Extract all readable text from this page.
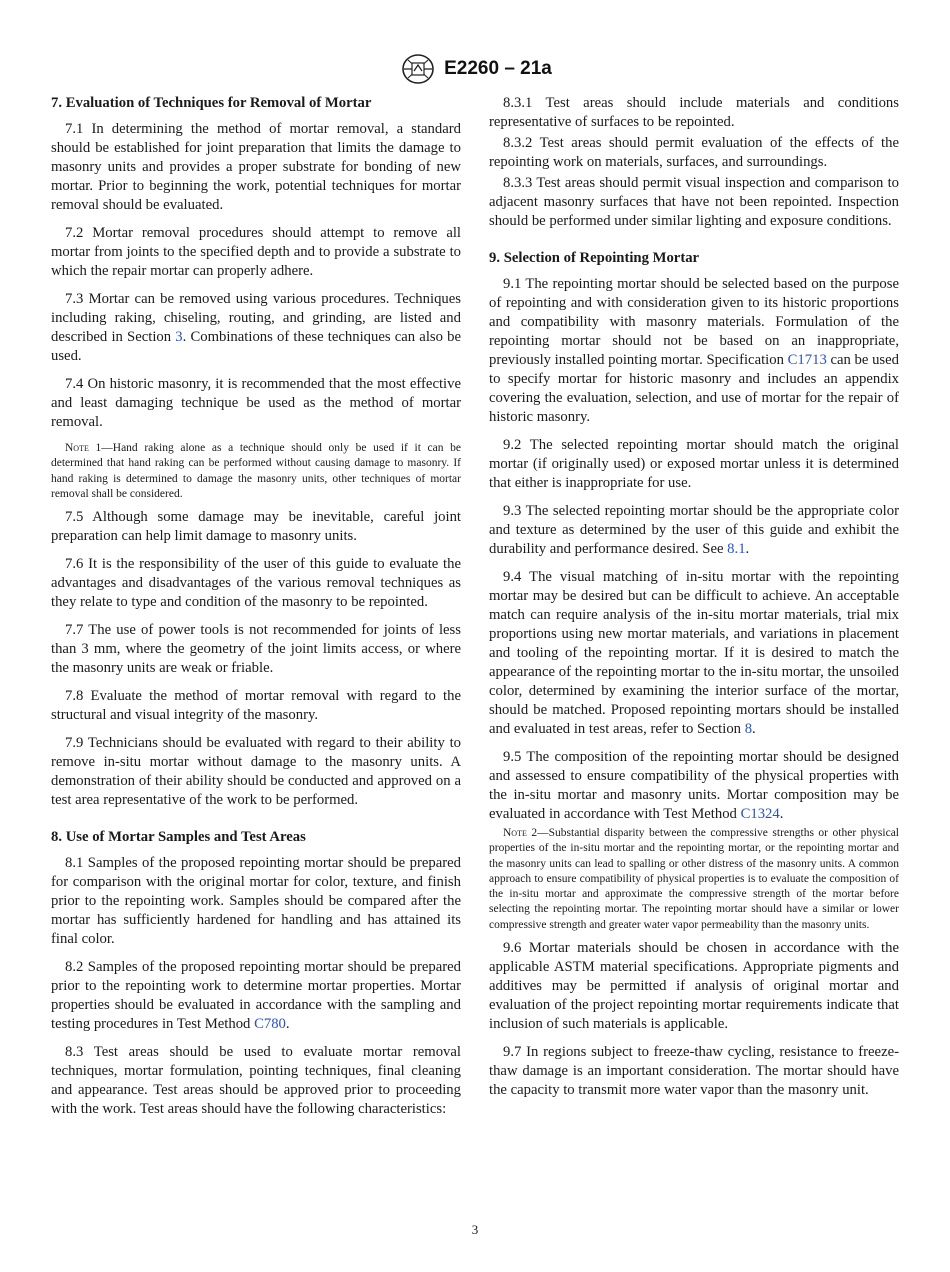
E2260 – 21a
7. Evaluation of Techniques for Removal of Mortar

7.1 In determining the method of mortar removal, a standard should be established for joint preparation that limits the damage to masonry units and provides a proper substrate for bonding of new mortar. Prior to beginning the work, potential techniques for mortar removal should be evaluated.

7.2 Mortar removal procedures should attempt to remove all mortar from joints to the specified depth and to provide a substrate to which the repair mortar can properly adhere.

7.3 Mortar can be removed using various procedures. Techniques including raking, chiseling, routing, and grinding, are listed and described in Section 3. Combinations of these techniques can also be used.

7.4 On historic masonry, it is recommended that the most effective and least damaging technique be used as the method of mortar removal.

Note 1—Hand raking alone as a technique should only be used if it can be determined that hand raking can be performed without causing damage to masonry. If hand raking is determined to damage the masonry units, other techniques of mortar removal shall be considered.

7.5 Although some damage may be inevitable, careful joint preparation can help limit damage to masonry units.

7.6 It is the responsibility of the user of this guide to evaluate the advantages and disadvantages of the various removal techniques as they relate to type and condition of the masonry to be repointed.

7.7 The use of power tools is not recommended for joints of less than 3 mm, where the geometry of the joint limits access, or where the masonry units are weak or friable.

7.8 Evaluate the method of mortar removal with regard to the structural and visual integrity of the masonry.

7.9 Technicians should be evaluated with regard to their ability to remove in-situ mortar without damage to the masonry units. A demonstration of their ability should be conducted and approved on a test area representative of the work to be performed.

8. Use of Mortar Samples and Test Areas

8.1 Samples of the proposed repointing mortar should be prepared for comparison with the original mortar for color, texture, and finish prior to the repointing work. Samples should be compared after the mortar has sufficiently hardened for handling and has attained its final color.

8.2 Samples of the proposed repointing mortar should be prepared prior to the repointing work to determine mortar properties. Mortar properties should be evaluated in accordance with the sampling and testing procedures in Test Method C780.

8.3 Test areas should be used to evaluate mortar removal techniques, mortar formulation, pointing techniques, final cleaning and appearance. Test areas should be approved prior to proceeding with the work. Test areas should have the following characteristics:

8.3.1 Test areas should include materials and conditions representative of surfaces to be repointed.

8.3.2 Test areas should permit evaluation of the effects of the repointing work on materials, surfaces, and surroundings.

8.3.3 Test areas should permit visual inspection and comparison to adjacent masonry surfaces that have not been repointed. Inspection should be performed under similar lighting and exposure conditions.

9. Selection of Repointing Mortar

9.1 The repointing mortar should be selected based on the purpose of repointing and with consideration given to its historic proportions and compatibility with masonry materials. Formulation of the repointing mortar should not be based on an inappropriate, previously installed pointing mortar. Specification C1713 can be used to specify mortar for historic masonry and includes an appendix covering the evaluation, selection, and use of mortar for the repair of historic masonry.

9.2 The selected repointing mortar should match the original mortar (if originally used) or exposed mortar unless it is determined that either is inappropriate for use.

9.3 The selected repointing mortar should be the appropriate color and texture as determined by the user of this guide and exhibit the durability and performance desired. See 8.1.

9.4 The visual matching of in-situ mortar with the repointing mortar may be desired but can be difficult to achieve. An acceptable match can require analysis of the in-situ mortar materials, trial mix proportions using new mortar materials, and variations in placement and tooling of the repointing mortar. If it is desired to match the appearance of the repointing mortar to the in-situ mortar, the unsoiled color, determined by examining the interior surface of the mortar, should be matched. Proposed repointing mortars should be installed and evaluated in test areas, refer to Section 8.

9.5 The composition of the repointing mortar should be designed and assessed to ensure compatibility of the physical properties with the in-situ mortar and masonry units. Mortar composition may be evaluated in accordance with Test Method C1324.

Note 2—Substantial disparity between the compressive strengths or other physical properties of the in-situ mortar and the repointing mortar, or the repointing mortar and the masonry units can lead to spalling or other distress of the masonry units. A common approach to ensure compatibility of physical properties is to evaluate the composition of the in-situ mortar and approximate the compressive strength of the mortar before selecting the repointing mortar. The repointing mortar should have a similar or lower compressive strength and greater water vapor permeability than the masonry units.

9.6 Mortar materials should be chosen in accordance with the applicable ASTM material specifications. Appropriate pigments and additives may be permitted if analysis of original mortar and evaluation of the project repointing mortar requirements indicate that inclusion of such materials is applicable.

9.7 In regions subject to freeze-thaw cycling, resistance to freeze-thaw damage is an important consideration. The mortar should have the capacity to transmit more water vapor than the masonry unit.

3
